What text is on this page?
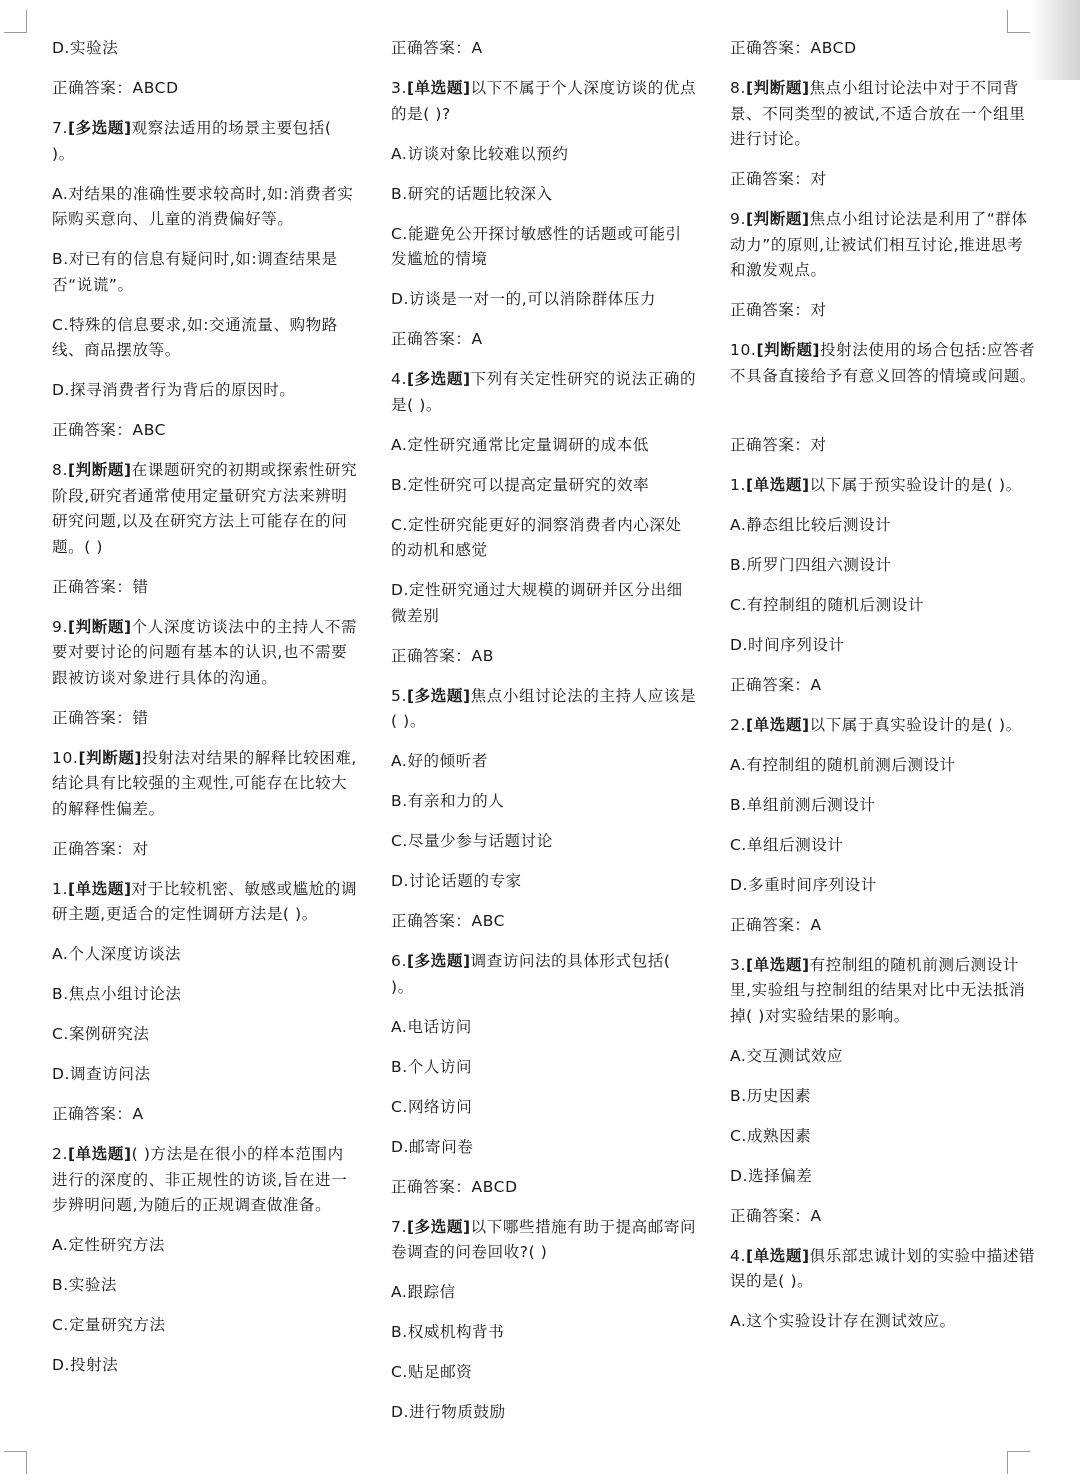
D.实验法

正确答案：ABCD

7.[多选题]观察法适用的场景主要包括( )。

A.对结果的准确性要求较高时,如:消费者实际购买意向、儿童的消费偏好等。

B.对已有的信息有疑问时,如:调查结果是否“说谎”。

C.特殊的信息要求,如:交通流量、购物路线、商品摆放等。

D.探寻消费者行为背后的原因时。

正确答案：ABC

8.[判断题]在课题研究的初期或探索性研究阶段,研究者通常使用定量研究方法来辨明研究问题,以及在研究方法上可能存在的问题。( )

正确答案：错

9.[判断题]个人深度访谈法中的主持人不需要对要讨论的问题有基本的认识,也不需要跟被访谈对象进行具体的沟通。

正确答案：错

10.[判断题]投射法对结果的解释比较困难,结论具有比较强的主观性,可能存在比较大的解释性偏差。

正确答案：对

1.[单选题]对于比较机密、敏感或尴尬的调研主题,更适合的定性调研方法是( )。

A.个人深度访谈法

B.焦点小组讨论法

C.案例研究法

D.调查访问法

正确答案：A

2.[单选题]( )方法是在很小的样本范围内进行的深度的、非正规性的访谈,旨在进一步辨明问题,为随后的正规调查做准备。

A.定性研究方法

B.实验法

C.定量研究方法

D.投射法

正确答案：A

3.[单选题]以下不属于个人深度访谈的优点的是( )?

A.访谈对象比较难以预约

B.研究的话题比较深入

C.能避免公开探讨敏感性的话题或可能引发尴尬的情境

D.访谈是一对一的,可以消除群体压力

正确答案：A

4.[多选题]下列有关定性研究的说法正确的是( )。

A.定性研究通常比定量调研的成本低

B.定性研究可以提高定量研究的效率

C.定性研究能更好的洞察消费者内心深处的动机和感觉

D.定性研究通过大规模的调研并区分出细微差别

正确答案：AB

5.[多选题]焦点小组讨论法的主持人应该是( )。

A.好的倾听者

B.有亲和力的人

C.尽量少参与话题讨论

D.讨论话题的专家

正确答案：ABC

6.[多选题]调查访问法的具体形式包括( )。

A.电话访问

B.个人访问

C.网络访问

D.邮寄问卷

正确答案：ABCD

7.[多选题]以下哪些措施有助于提高邮寄问卷调查的问卷回收?( )

A.跟踪信

B.权威机构背书

C.贴足邮资

D.进行物质鼓励

正确答案：ABCD

8.[判断题]焦点小组讨论法中对于不同背景、不同类型的被试,不适合放在一个组里进行讨论。

正确答案：对

9.[判断题]焦点小组讨论法是利用了“群体动力”的原则,让被试们相互讨论,推进思考和激发观点。

正确答案：对

10.[判断题]投射法使用的场合包括:应答者不具备直接给予有意义回答的情境或问题。

正确答案：对

1.[单选题]以下属于预实验设计的是( )。

A.静态组比较后测设计

B.所罗门四组六测设计

C.有控制组的随机后测设计

D.时间序列设计

正确答案：A

2.[单选题]以下属于真实验设计的是( )。

A.有控制组的随机前测后测设计

B.单组前测后测设计

C.单组后测设计

D.多重时间序列设计

正确答案：A

3.[单选题]有控制组的随机前测后测设计里,实验组与控制组的结果对比中无法抵消掉( )对实验结果的影响。

A.交互测试效应

B.历史因素

C.成熟因素

D.选择偏差

正确答案：A

4.[单选题]俱乐部忠诚计划的实验中描述错误的是( )。

A.这个实验设计存在测试效应。
